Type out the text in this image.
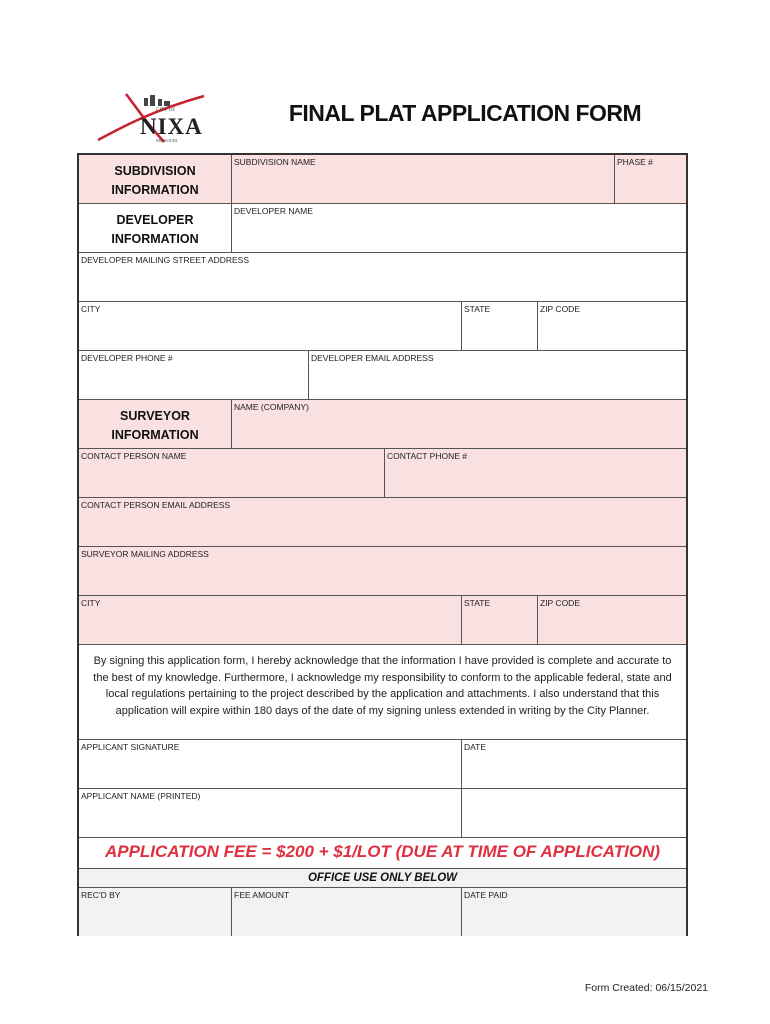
CITY OF
NIXA
MISSOURI
FINAL PLAT APPLICATION FORM
SUBDIVISION INFORMATION
SUBDIVISION NAME	PHASE #
DEVELOPER INFORMATION
DEVELOPER NAME
DEVELOPER MAILING STREET ADDRESS
CITY	STATE	ZIP CODE
DEVELOPER PHONE #	DEVELOPER EMAIL ADDRESS
SURVEYOR INFORMATION
NAME (COMPANY)
CONTACT PERSON NAME	CONTACT PHONE #
CONTACT PERSON EMAIL ADDRESS
SURVEYOR MAILING ADDRESS
CITY	STATE	ZIP CODE
By signing this application form, I hereby acknowledge that the information I have provided is complete and accurate to the best of my knowledge. Furthermore, I acknowledge my responsibility to conform to the applicable federal, state and local regulations pertaining to the project described by the application and attachments. I also understand that this application will expire within 180 days of the date of my signing unless extended in writing by the City Planner.
APPLICANT SIGNATURE	DATE
APPLICANT NAME (PRINTED)
APPLICATION FEE = $200 + $1/LOT (DUE AT TIME OF APPLICATION)
OFFICE USE ONLY BELOW
REC'D BY	FEE AMOUNT	DATE PAID
Form Created: 06/15/2021
